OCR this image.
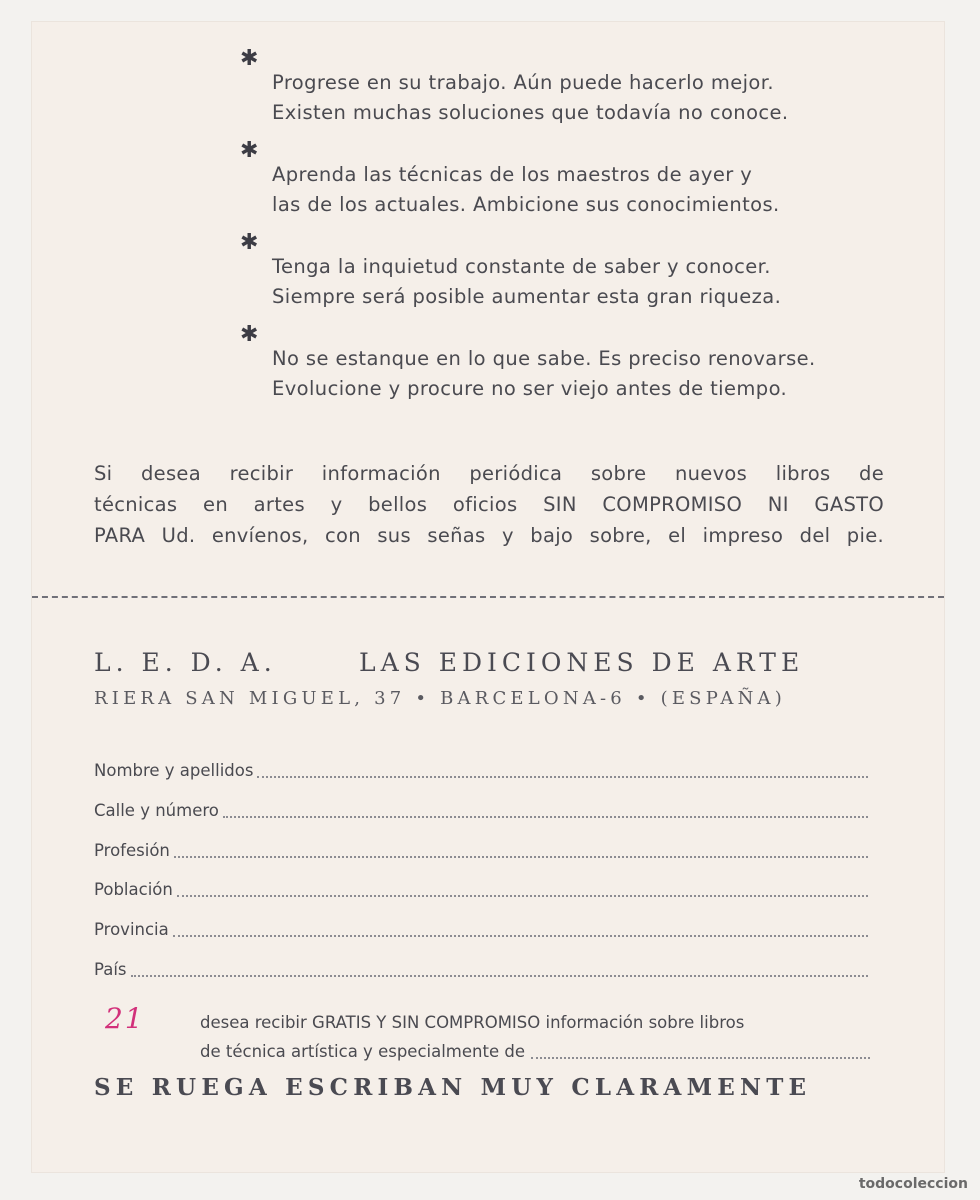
✱
Progrese en su trabajo. Aún puede hacerlo mejor.
Existen muchas soluciones que todavía no conoce.
✱
Aprenda las técnicas de los maestros de ayer y
las de los actuales. Ambicione sus conocimientos.
✱
Tenga la inquietud constante de saber y conocer.
Siempre será posible aumentar esta gran riqueza.
✱
No se estanque en lo que sabe. Es preciso renovarse.
Evolucione y procure no ser viejo antes de tiempo.
Si desea recibir información periódica sobre nuevos libros de
técnicas en artes y bellos oficios SIN COMPROMISO NI GASTO
PARA Ud. envíenos, con sus señas y bajo sobre, el impreso del pie.
L. E. D. A.	LAS EDICIONES DE ARTE
RIERA SAN MIGUEL, 37 • BARCELONA-6 • (ESPAÑA)
Nombre y apellidos
Calle y número
Profesión
Población
Provincia
País
21	desea recibir GRATIS Y SIN COMPROMISO información sobre libros
de técnica artística y especialmente de
SE RUEGA ESCRIBAN MUY CLARAMENTE
todocoleccion
